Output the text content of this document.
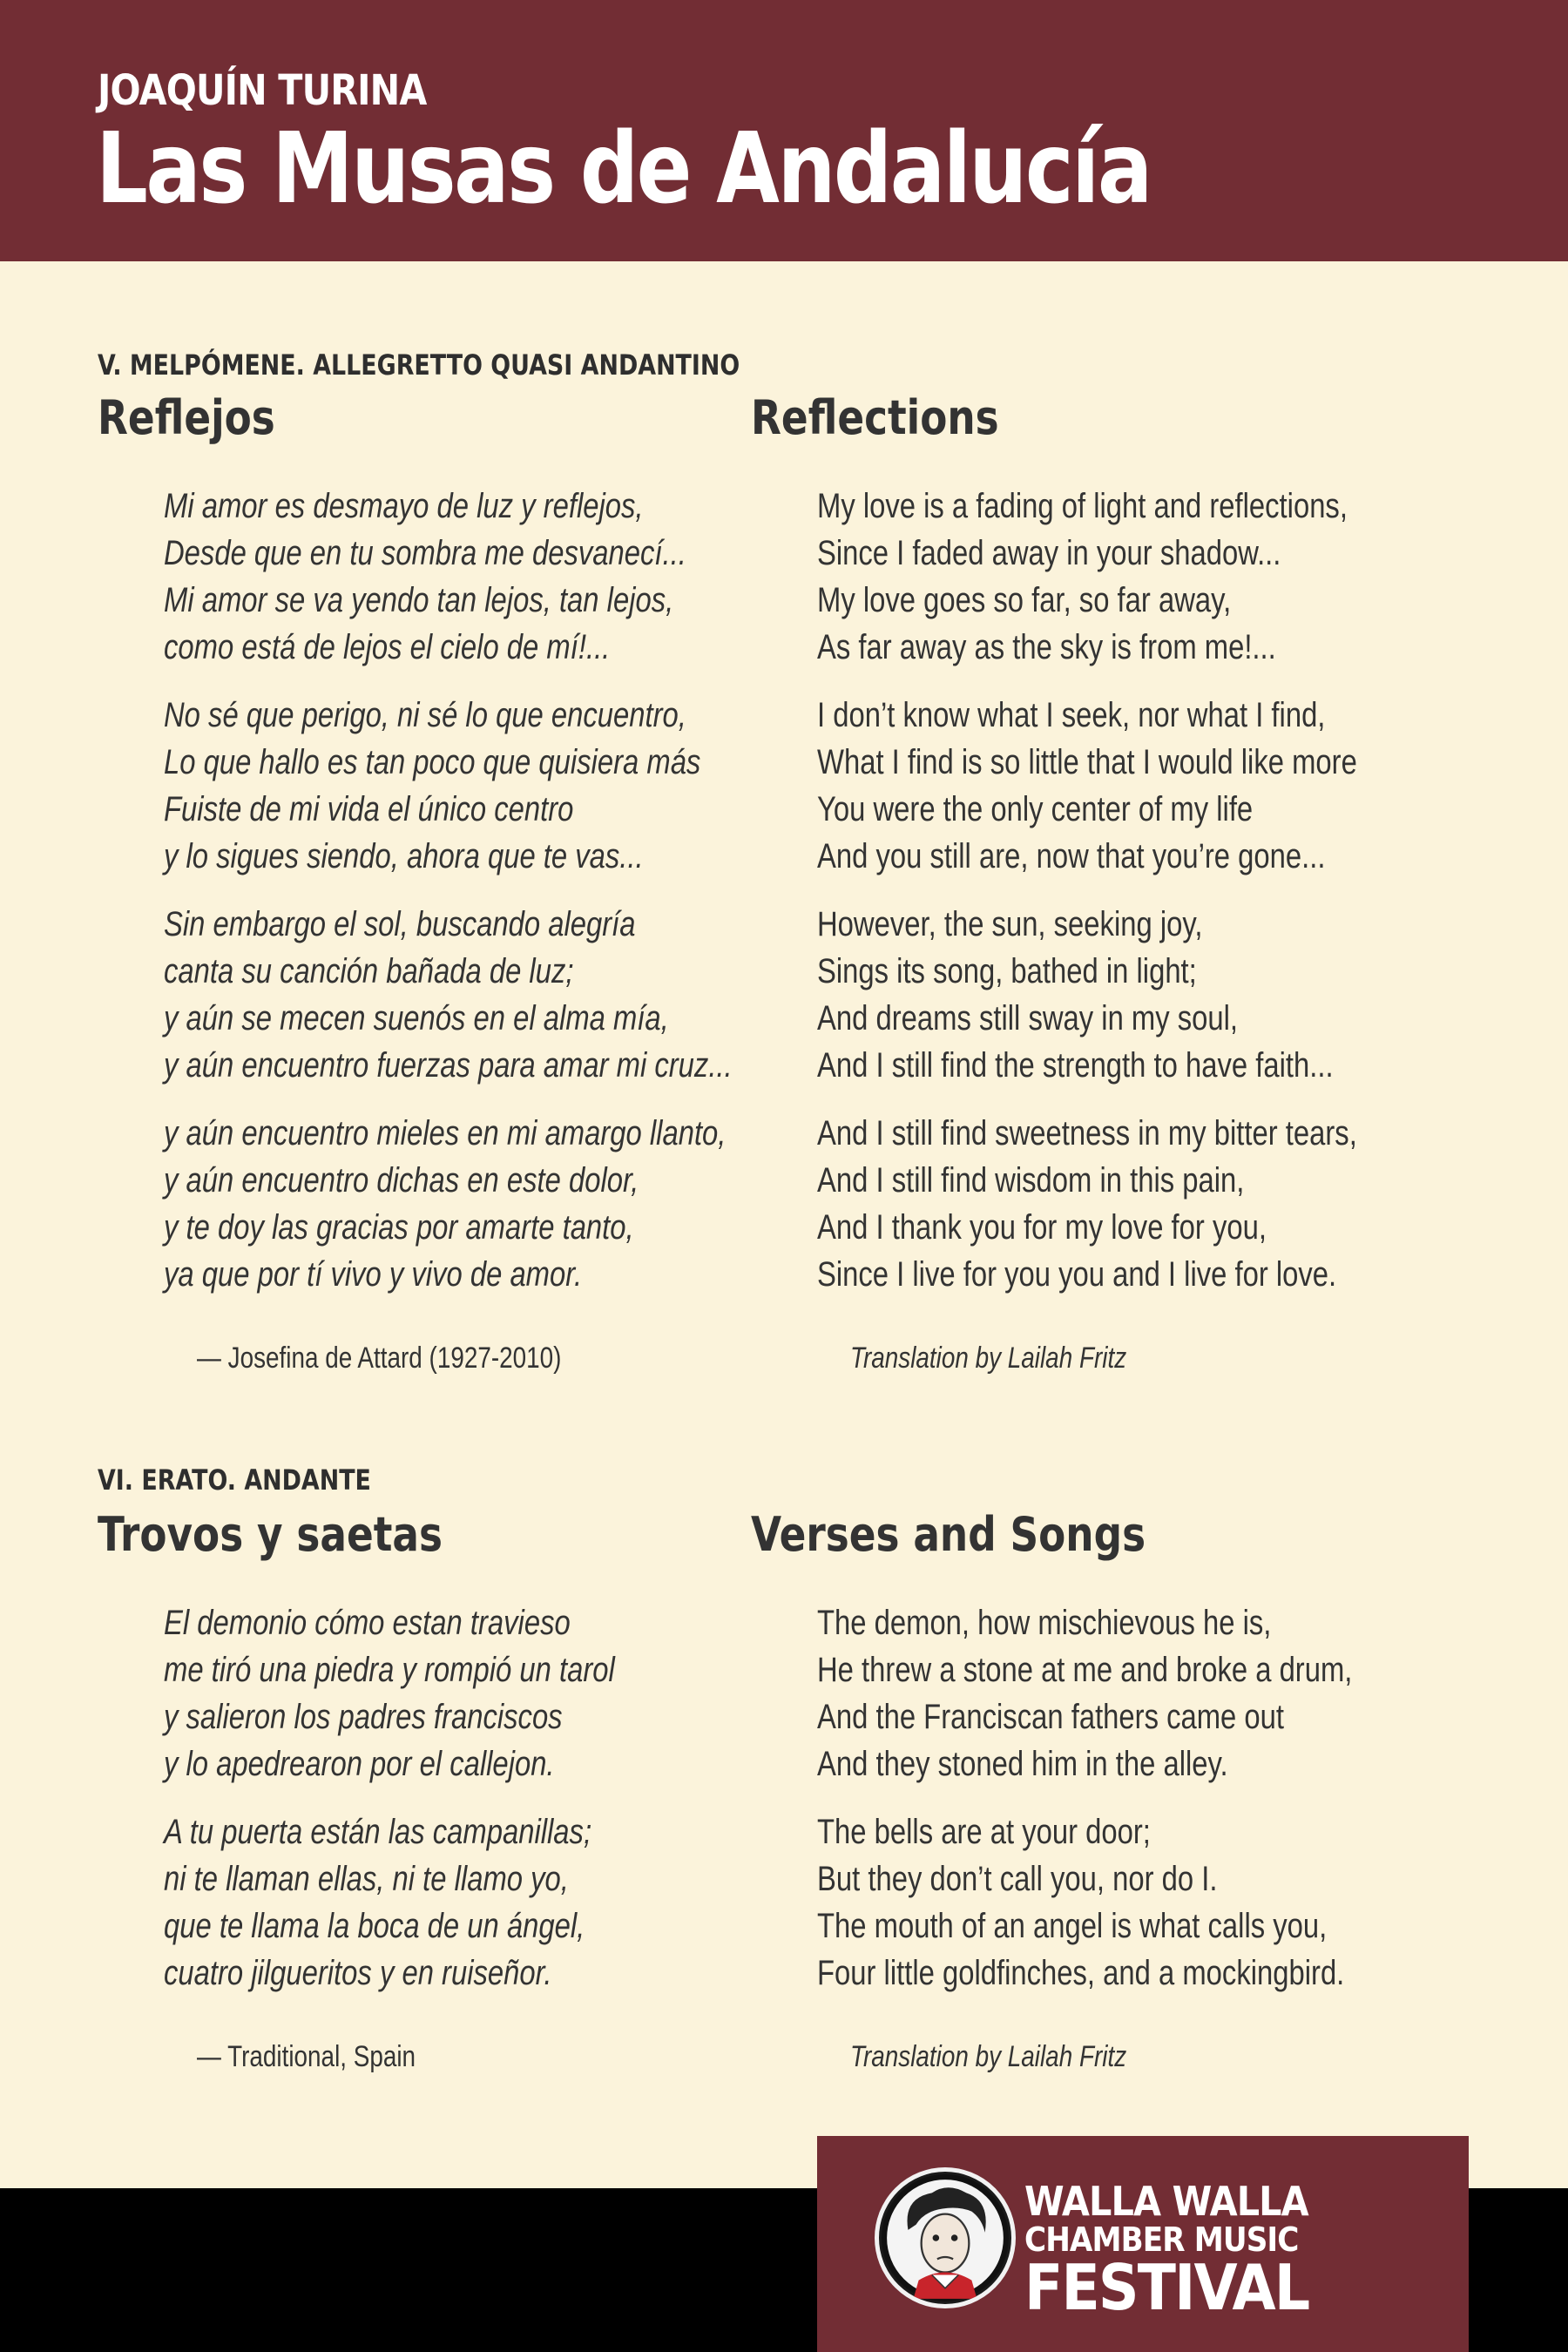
JOAQUÍN TURINA
Las Musas de Andalucía
V. MELPÓMENE. ALLEGRETTO QUASI ANDANTINO
Reflejos	Reflections
Mi amor es desmayo de luz y reflejos,
Desde que en tu sombra me desvanecí...
Mi amor se va yendo tan lejos, tan lejos,
como está de lejos el cielo de mí!...
No sé que perigo, ni sé lo que encuentro,
Lo que hallo es tan poco que quisiera más
Fuiste de mi vida el único centro
y lo sigues siendo, ahora que te vas...
Sin embargo el sol, buscando alegría
canta su canción bañada de luz;
y aún se mecen suenós en el alma mía,
y aún encuentro fuerzas para amar mi cruz...
y aún encuentro mieles en mi amargo llanto,
y aún encuentro dichas en este dolor,
y te doy las gracias por amarte tanto,
ya que por tí vivo y vivo de amor.
My love is a fading of light and reflections,
Since I faded away in your shadow...
My love goes so far, so far away,
As far away as the sky is from me!...
I don’t know what I seek, nor what I find,
What I find is so little that I would like more
You were the only center of my life
And you still are, now that you’re gone...
However, the sun, seeking joy,
Sings its song, bathed in light;
And dreams still sway in my soul,
And I still find the strength to have faith...
And I still find sweetness in my bitter tears,
And I still find wisdom in this pain,
And I thank you for my love for you,
Since I live for you you and I live for love.
— Josefina de Attard (1927-2010)	Translation by Lailah Fritz
VI. ERATO. ANDANTE
Trovos y saetas	Verses and Songs
El demonio cómo estan travieso
me tiró una piedra y rompió un tarol
y salieron los padres franciscos
y lo apedrearon por el callejon.
A tu puerta están las campanillas;
ni te llaman ellas, ni te llamo yo,
que te llama la boca de un ángel,
cuatro jilgueritos y en ruiseñor.
The demon, how mischievous he is,
He threw a stone at me and broke a drum,
And the Franciscan fathers came out
And they stoned him in the alley.
The bells are at your door;
But they don’t call you, nor do I.
The mouth of an angel is what calls you,
Four little goldfinches, and a mockingbird.
— Traditional, Spain	Translation by Lailah Fritz
WALLA WALLA
CHAMBER MUSIC
FESTIVAL
